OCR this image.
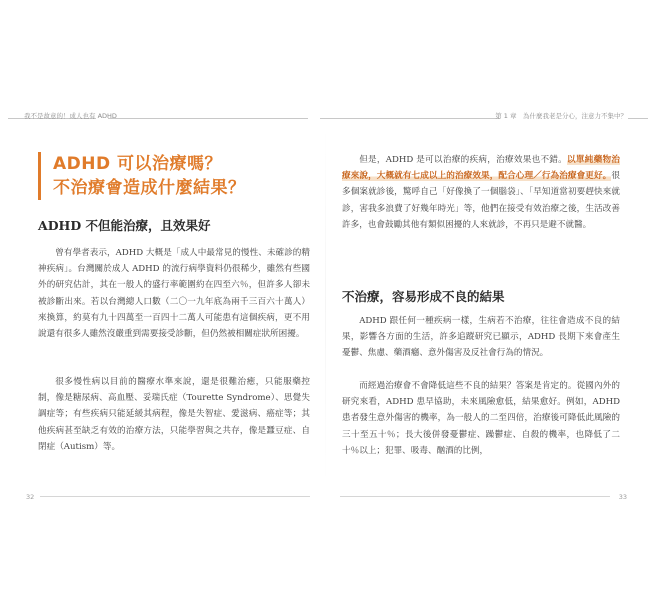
我不是故意的！成人也有 ADHD	第 1 章　為什麼我老是分心，注意力不集中？
ADHD 可以治療嗎？
不治療會造成什麼結果？
ADHD 不但能治療，且效果好

曾有學者表示，ADHD 大概是「成人中最常見的慢性、未確診的精神疾病」。台灣關於成人 ADHD 的流行病學資料仍很稀少，雖然有些國外的研究估計，其在一般人的盛行率範圍約在四至六％，但許多人卻未被診斷出來。若以台灣總人口數（二〇一九年底為兩千三百六十萬人）來換算，約莫有九十四萬至一百四十二萬人可能患有這個疾病，更不用說還有很多人雖然沒嚴重到需要接受診斷，但仍然被相關症狀所困擾。

很多慢性病以目前的醫療水準來說，還是很難治癒，只能服藥控制，像是糖尿病、高血壓、妥瑞氏症（Tourette Syndrome）、思覺失調症等；有些疾病只能延緩其病程，像是失智症、愛滋病、癌症等；其他疾病甚至缺乏有效的治療方法，只能學習與之共存，像是蠶豆症、自閉症（Autism）等。

但是，ADHD 是可以治療的疾病，治療效果也不錯。以單純藥物治療來說，大概就有七成以上的治療效果，配合心理／行為治療會更好。很多個案就診後，驚呼自己「好像換了一個腦袋」、「早知道當初要趕快來就診，害我多浪費了好幾年時光」等，他們在接受有效治療之後，生活改善許多，也會鼓勵其他有類似困擾的人來就診，不再只是避不就醫。

不治療，容易形成不良的結果

ADHD 跟任何一種疾病一樣，生病若不治療，往往會造成不良的結果，影響各方面的生活，許多追蹤研究已顯示，ADHD 長期下來會產生憂鬱、焦慮、藥酒癮、意外傷害及反社會行為的情況。

而經過治療會不會降低這些不良的結果？答案是肯定的。從國內外的研究來看，ADHD 患早協助，未來風險愈低，結果愈好。例如，ADHD 患者發生意外傷害的機率，為一般人的二至四倍，治療後可降低此風險的三十至五十％；長大後併發憂鬱症、躁鬱症、自殺的機率，也降低了二十％以上；犯罪、吸毒、酗酒的比例，

32	33
